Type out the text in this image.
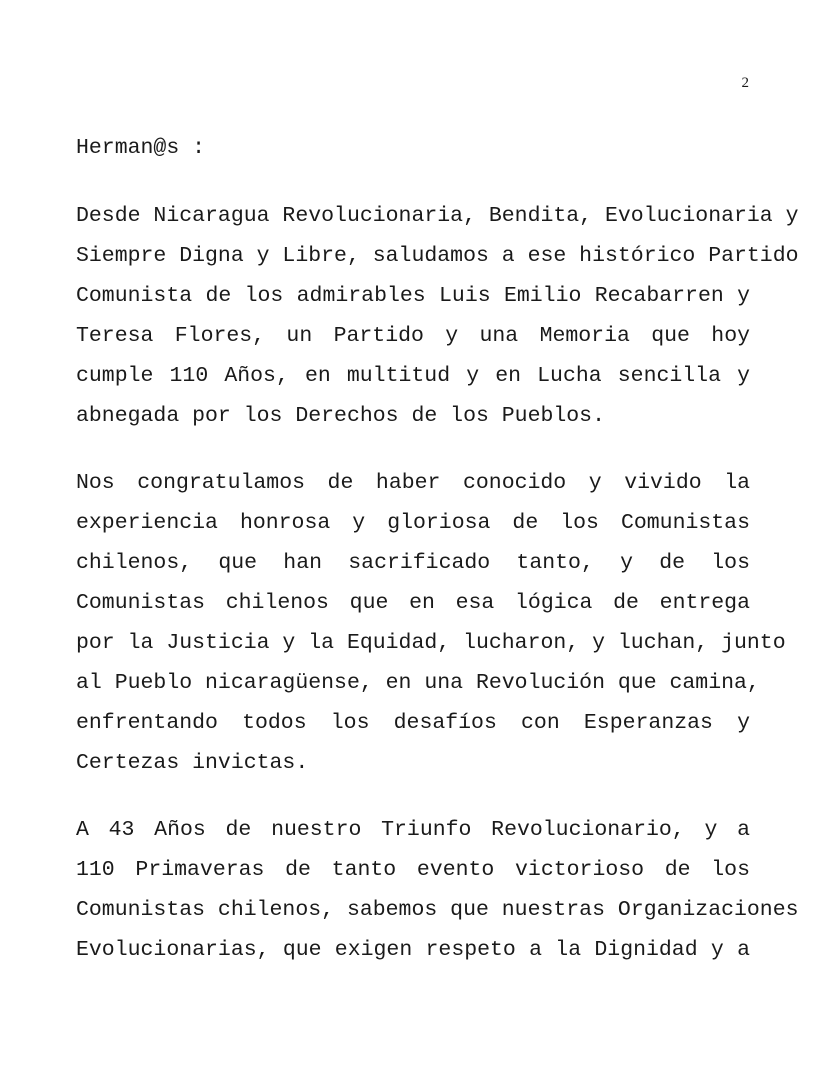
2
Herman@s :
Desde Nicaragua Revolucionaria, Bendita, Evolucionaria y
Siempre Digna y Libre, saludamos a ese histórico Partido
Comunista de los admirables Luis Emilio Recabarren y
Teresa Flores, un Partido y una Memoria que hoy
cumple 110 Años, en multitud y en Lucha sencilla y
abnegada por los Derechos de los Pueblos.
Nos congratulamos de haber conocido y vivido la
experiencia honrosa y gloriosa de los Comunistas
chilenos, que han sacrificado tanto, y de los
Comunistas chilenos que en esa lógica de entrega
por la Justicia y la Equidad, lucharon, y luchan, junto
al Pueblo nicaragüense, en una Revolución que camina,
enfrentando todos los desafíos con Esperanzas y
Certezas invictas.
A 43 Años de nuestro Triunfo Revolucionario, y a
110 Primaveras de tanto evento victorioso de los
Comunistas chilenos, sabemos que nuestras Organizaciones
Evolucionarias, que exigen respeto a la Dignidad y a
